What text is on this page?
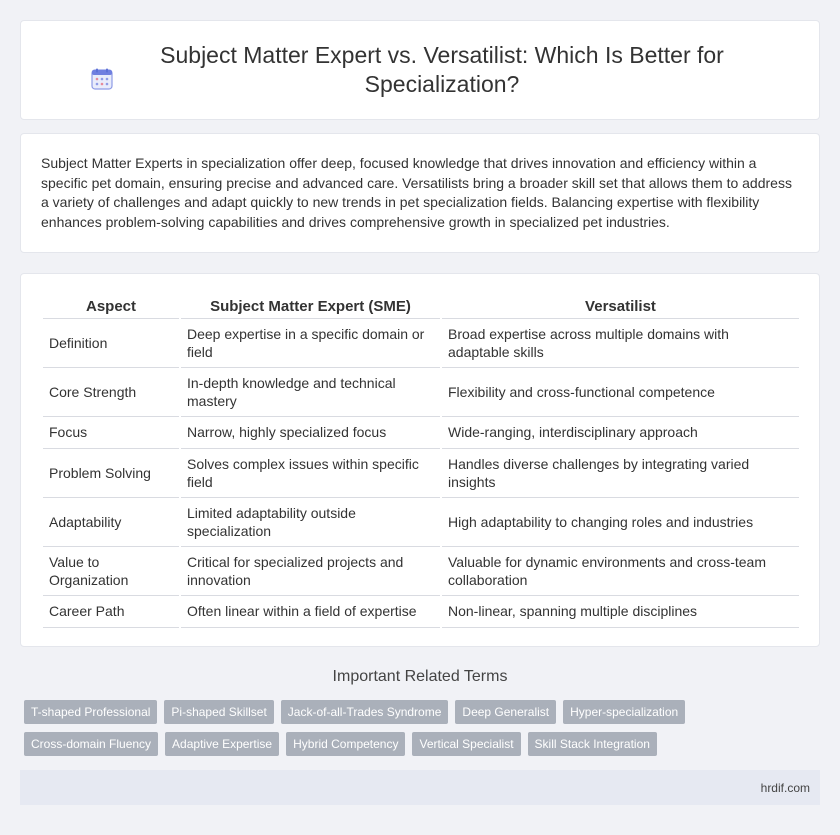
Subject Matter Expert vs. Versatilist: Which Is Better for Specialization?

Subject Matter Experts in specialization offer deep, focused knowledge that drives innovation and efficiency within a specific pet domain, ensuring precise and advanced care. Versatilists bring a broader skill set that allows them to address a variety of challenges and adapt quickly to new trends in pet specialization fields. Balancing expertise with flexibility enhances problem-solving capabilities and drives comprehensive growth in specialized pet industries.

Aspect	Subject Matter Expert (SME)	Versatilist
Definition	Deep expertise in a specific domain or field	Broad expertise across multiple domains with adaptable skills
Core Strength	In-depth knowledge and technical mastery	Flexibility and cross-functional competence
Focus	Narrow, highly specialized focus	Wide-ranging, interdisciplinary approach
Problem Solving	Solves complex issues within specific field	Handles diverse challenges by integrating varied insights
Adaptability	Limited adaptability outside specialization	High adaptability to changing roles and industries
Value to Organization	Critical for specialized projects and innovation	Valuable for dynamic environments and cross-team collaboration
Career Path	Often linear within a field of expertise	Non-linear, spanning multiple disciplines
Important Related Terms
T-shaped Professional	Pi-shaped Skillset	Jack-of-all-Trades Syndrome	Deep Generalist	Hyper-specialization
Cross-domain Fluency	Adaptive Expertise	Hybrid Competency	Vertical Specialist	Skill Stack Integration
hrdif.com
